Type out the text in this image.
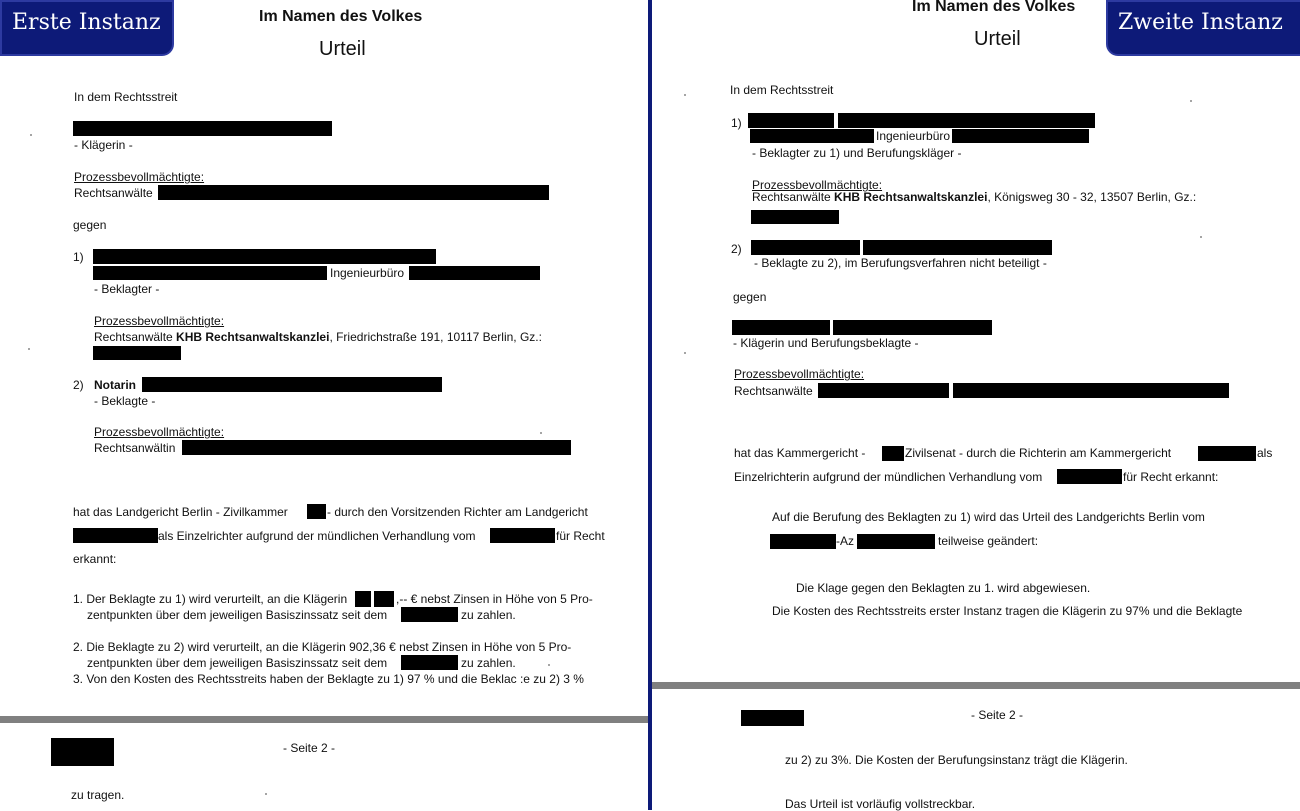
Im Namen des Volkes
Urteil
In dem Rechtsstreit
- Klägerin -
Prozessbevollmächtigte:
Rechtsanwälte
gegen
1)
Ingenieurbüro
- Beklagter -
Prozessbevollmächtigte:
Rechtsanwälte KHB Rechtsanwaltskanzlei, Friedrichstraße 191, 10117 Berlin, Gz.:
2) Notarin
- Beklagte -
Prozessbevollmächtigte:
Rechtsanwältin
hat das Landgericht Berlin - Zivilkammer	- durch den Vorsitzenden Richter am Landgericht
als Einzelrichter aufgrund der mündlichen Verhandlung vom	für Recht
erkannt:
1. Der Beklagte zu 1) wird verurteilt, an die Klägerin	,-- € nebst Zinsen in Höhe von 5 Pro-
zentpunkten über dem jeweiligen Basiszinssatz seit dem	zu zahlen.
2. Die Beklagte zu 2) wird verurteilt, an die Klägerin 902,36 € nebst Zinsen in Höhe von 5 Pro-
zentpunkten über dem jeweiligen Basiszinssatz seit dem	zu zahlen.
3. Von den Kosten des Rechtsstreits haben der Beklagte zu 1) 97 % und die Beklac :e zu 2) 3 %
- Seite 2 -
zu tragen.
Im Namen des Volkes
Urteil
In dem Rechtsstreit
1)
Ingenieurbüro
- Beklagter zu 1) und Berufungskläger -
Prozessbevollmächtigte:
Rechtsanwälte KHB Rechtsanwaltskanzlei, Königsweg 30 - 32, 13507 Berlin, Gz.:
2)
- Beklagte zu 2), im Berufungsverfahren nicht beteiligt -
gegen
- Klägerin und Berufungsbeklagte -
Prozessbevollmächtigte:
Rechtsanwälte
hat das Kammergericht -	Zivilsenat - durch die Richterin am Kammergericht	als
Einzelrichterin aufgrund der mündlichen Verhandlung vom	für Recht erkannt:
Auf die Berufung des Beklagten zu 1) wird das Urteil des Landgerichts Berlin vom
-Az	teilweise geändert:
Die Klage gegen den Beklagten zu 1. wird abgewiesen.
Die Kosten des Rechtsstreits erster Instanz tragen die Klägerin zu 97% und die Beklagte
- Seite 2 -
zu 2) zu 3%. Die Kosten der Berufungsinstanz trägt die Klägerin.
Das Urteil ist vorläufig vollstreckbar.
Erste Instanz	Zweite Instanz
